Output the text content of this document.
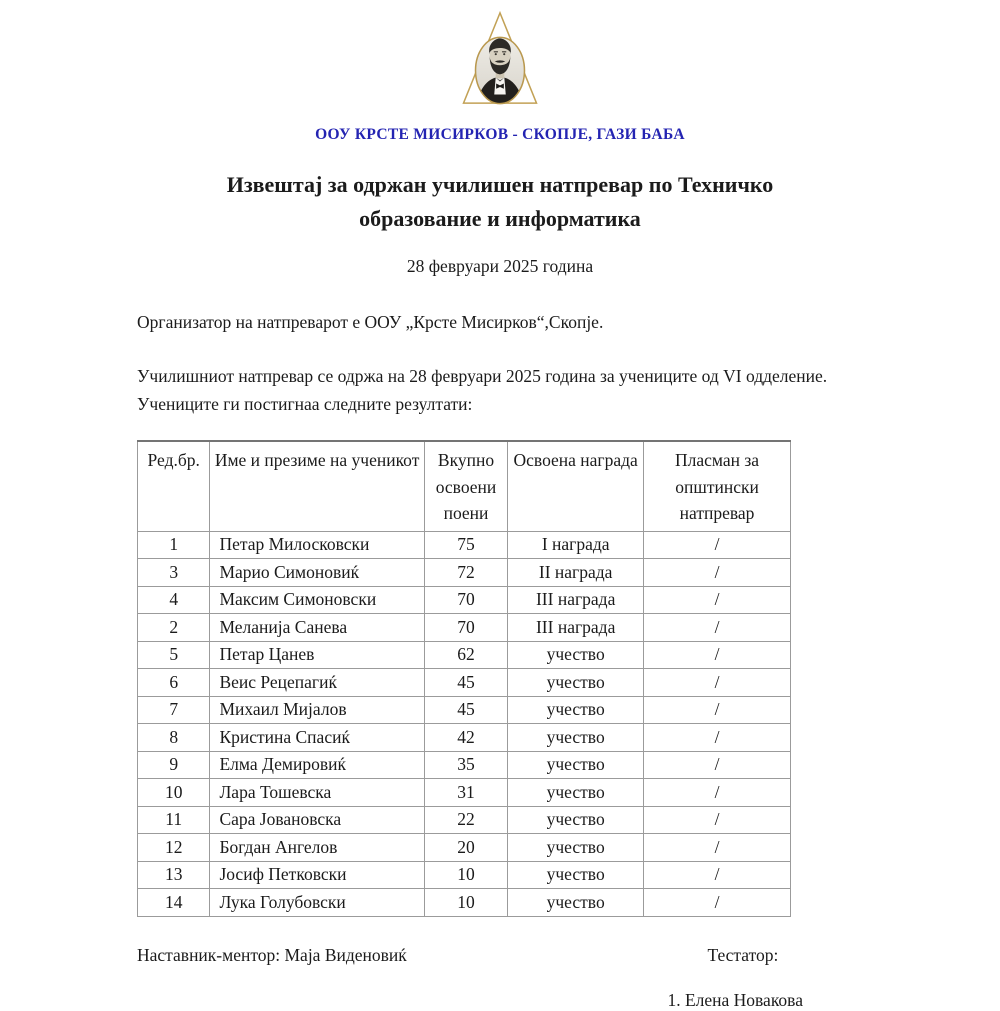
ООУ КРСТЕ МИСИРКОВ - СКОПЈЕ, ГАЗИ БАБА
Извештај за одржан училишен натпревар по Техничко
образование и информатика
28 февруари 2025 година

Организатор на натпреварот е ООУ „Крсте Мисирков“,Скопје.

Училишниот натпревар се одржа на 28 февруари 2025 година за учениците од VI одделение. Учениците ги постигнаа следните резултати:

Ред.бр.	Име и презиме на ученикот	Вкупно освоени поени	Освоена награда	Пласман за општински натпревар
1	Петар Милосковски	75	I награда	/
3	Марио Симоновиќ	72	II награда	/
4	Максим Симоновски	70	III награда	/
2	Меланија Санева	70	III награда	/
5	Петар Цанев	62	учество	/
6	Веис Рецепагиќ	45	учество	/
7	Михаил Мијалов	45	учество	/
8	Кристина Спасиќ	42	учество	/
9	Елма Демировиќ	35	учество	/
10	Лара Тошевска	31	учество	/
11	Сара Јовановска	22	учество	/
12	Богдан Ангелов	20	учество	/
13	Јосиф Петковски	10	учество	/
14	Лука Голубовски	10	учество	/
Наставник-ментор: Маја Виденовиќ	Тестатор:
1. Елена Новакова
